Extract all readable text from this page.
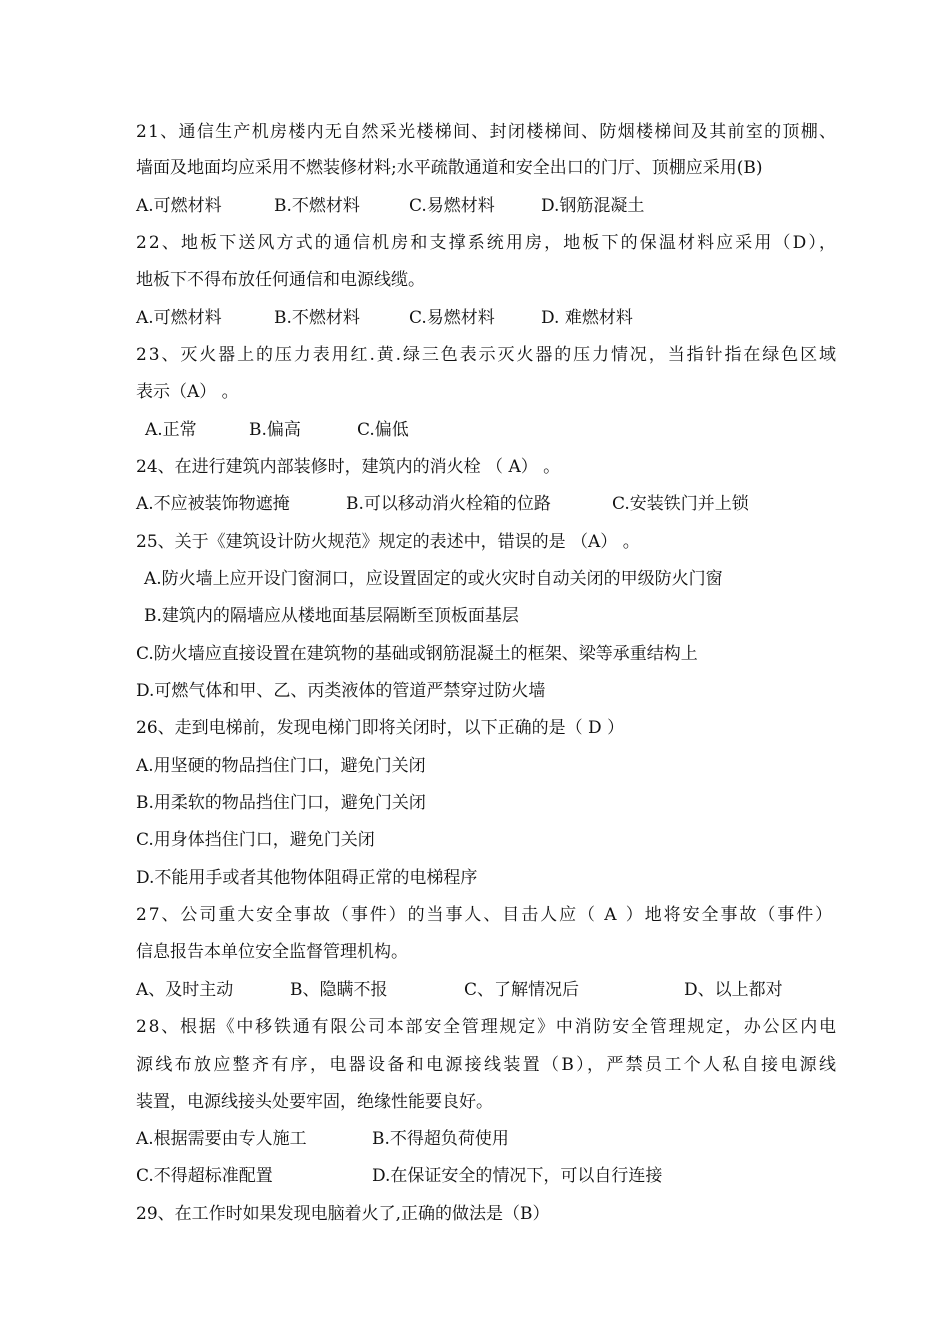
21、通信生产机房楼内无自然采光楼梯间、封闭楼梯间、防烟楼梯间及其前室的顶棚、
墙面及地面均应采用不燃装修材料;水平疏散通道和安全出口的门厅、顶棚应采用(B)
A.可燃材料	B.不燃材料	C.易燃材料	D.钢筋混凝土
22、地板下送风方式的通信机房和支撑系统用房，地板下的保温材料应采用（D），
地板下不得布放任何通信和电源线缆。
A.可燃材料	B.不燃材料	C.易燃材料	D. 难燃材料
23、灭火器上的压力表用红.黄.绿三色表示灭火器的压力情况，当指针指在绿色区域
表示（A） 。
A.正常	B.偏高	C.偏低
24、在进行建筑内部装修时，建筑内的消火栓 （ A） 。
A.不应被装饰物遮掩	B.可以移动消火栓箱的位路	C.安装铁门并上锁
25、关于《建筑设计防火规范》规定的表述中，错误的是 （A） 。
A.防火墙上应开设门窗洞口，应设置固定的或火灾时自动关闭的甲级防火门窗
B.建筑内的隔墙应从楼地面基层隔断至顶板面基层
C.防火墙应直接设置在建筑物的基础或钢筋混凝土的框架、梁等承重结构上
D.可燃气体和甲、乙、丙类液体的管道严禁穿过防火墙
26、走到电梯前，发现电梯门即将关闭时，以下正确的是（ D ）
A.用坚硬的物品挡住门口，避免门关闭
B.用柔软的物品挡住门口，避免门关闭
C.用身体挡住门口，避免门关闭
D.不能用手或者其他物体阻碍正常的电梯程序
27、公司重大安全事故（事件）的当事人、目击人应（ A ）地将安全事故（事件）
信息报告本单位安全监督管理机构。
A、及时主动	B、隐瞒不报	C、了解情况后	D、以上都对
28、根据《中移铁通有限公司本部安全管理规定》中消防安全管理规定，办公区内电
源线布放应整齐有序，电器设备和电源接线装置（B），严禁员工个人私自接电源线
装置，电源线接头处要牢固，绝缘性能要良好。
A.根据需要由专人施工	B.不得超负荷使用
C.不得超标准配置	D.在保证安全的情况下，可以自行连接
29、在工作时如果发现电脑着火了,正确的做法是（B）
